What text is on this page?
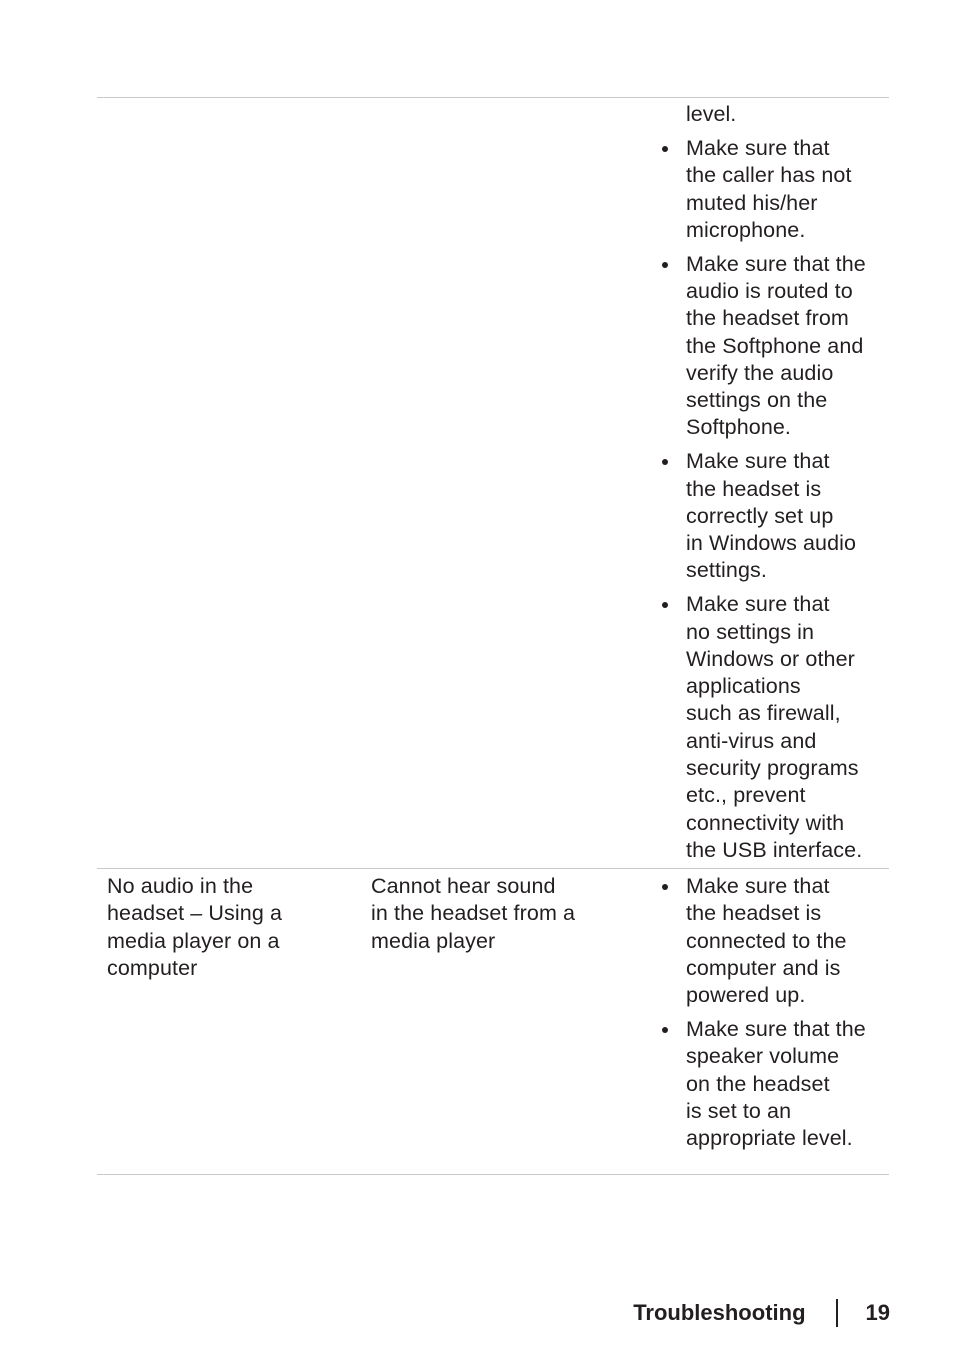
level.
Make sure that
the caller has not
muted his/her
microphone.
Make sure that the
audio is routed to
the headset from
the Softphone and
verify the audio
settings on the
Softphone.
Make sure that
the headset is
correctly set up
in Windows audio
settings.
Make sure that
no settings in
Windows or other
applications
such as firewall,
anti-virus and
security programs
etc., prevent
connectivity with
the USB interface.
No audio in the
headset – Using a
media player on a
computer
Cannot hear sound
in the headset from a
media player
Make sure that
the headset is
connected to the
computer and is
powered up.
Make sure that the
speaker volume
on the headset
is set to an
appropriate level.
Troubleshooting	19
